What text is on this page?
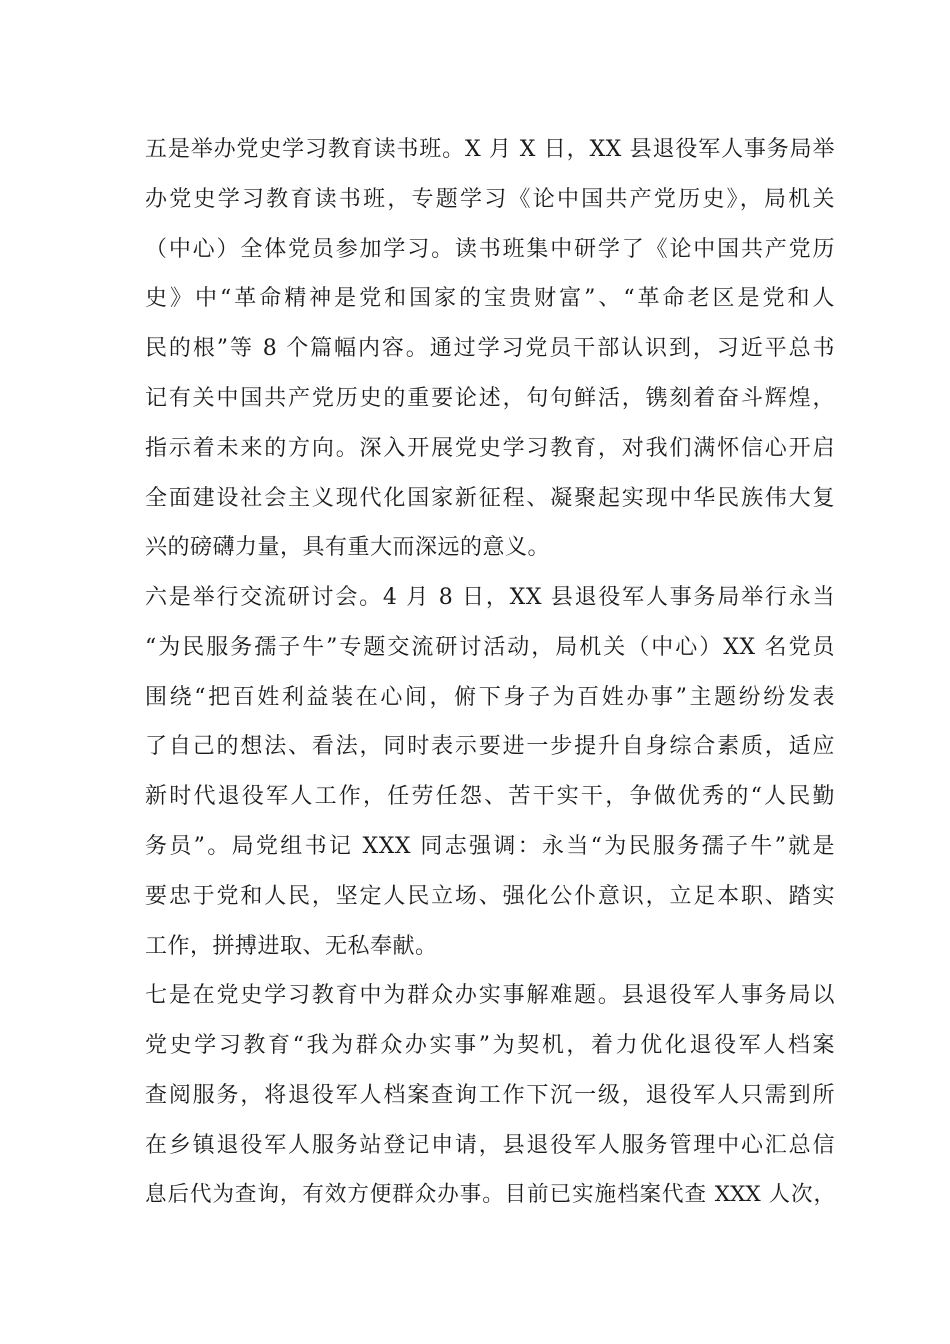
五是举办党史学习教育读书班。X 月 X 日，XX 县退役军人事务局举
办党史学习教育读书班，专题学习《论中国共产党历史》，局机关
（中心）全体党员参加学习。读书班集中研学了《论中国共产党历
史》中“革命精神是党和国家的宝贵财富”、“革命老区是党和人
民的根”等 8 个篇幅内容。通过学习党员干部认识到，习近平总书
记有关中国共产党历史的重要论述，句句鲜活，镌刻着奋斗辉煌，
指示着未来的方向。深入开展党史学习教育，对我们满怀信心开启
全面建设社会主义现代化国家新征程、凝聚起实现中华民族伟大复
兴的磅礴力量，具有重大而深远的意义。
六是举行交流研讨会。4 月 8 日，XX 县退役军人事务局举行永当
“为民服务孺子牛”专题交流研讨活动，局机关（中心）XX 名党员
围绕“把百姓利益装在心间，俯下身子为百姓办事”主题纷纷发表
了自己的想法、看法，同时表示要进一步提升自身综合素质，适应
新时代退役军人工作，任劳任怨、苦干实干，争做优秀的“人民勤
务员”。局党组书记 XXX 同志强调：永当“为民服务孺子牛”就是
要忠于党和人民，坚定人民立场、强化公仆意识，立足本职、踏实
工作，拼搏进取、无私奉献。
七是在党史学习教育中为群众办实事解难题。县退役军人事务局以
党史学习教育“我为群众办实事”为契机，着力优化退役军人档案
查阅服务，将退役军人档案查询工作下沉一级，退役军人只需到所
在乡镇退役军人服务站登记申请，县退役军人服务管理中心汇总信
息后代为查询，有效方便群众办事。目前已实施档案代查 XXX 人次，
